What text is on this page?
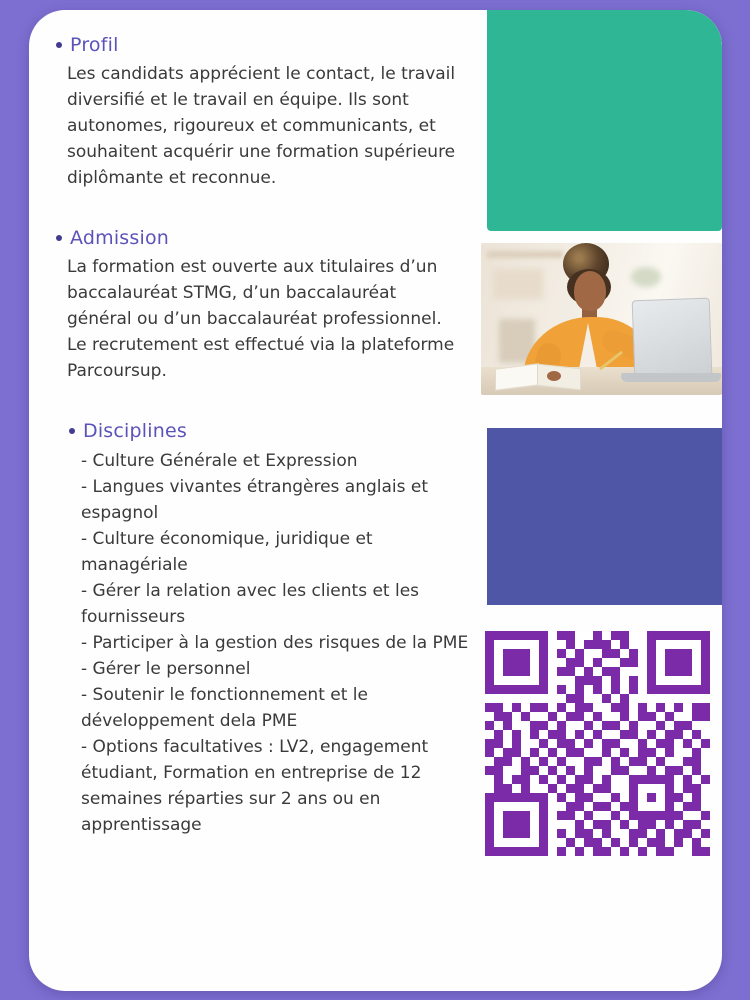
Profil

Les candidats apprécient le contact, le travail diversifié et le travail en équipe. Ils sont autonomes, rigoureux et communicants, et souhaitent acquérir une formation supérieure diplômante et reconnue.

Admission

La formation est ouverte aux titulaires d’un baccalauréat STMG, d’un baccalauréat général ou d’un baccalauréat professionnel. Le recrutement est effectué via la plateforme Parcoursup.

Disciplines
- Culture Générale et Expression
- Langues vivantes étrangères anglais et espagnol
- Culture économique, juridique et managériale
- Gérer la relation avec les clients et les fournisseurs
- Participer à la gestion des risques de la PME
- Gérer le personnel
- Soutenir le fonctionnement et le développement dela PME
- Options facultatives : LV2, engagement étudiant, Formation en entreprise de 12 semaines réparties sur 2 ans ou en apprentissage
